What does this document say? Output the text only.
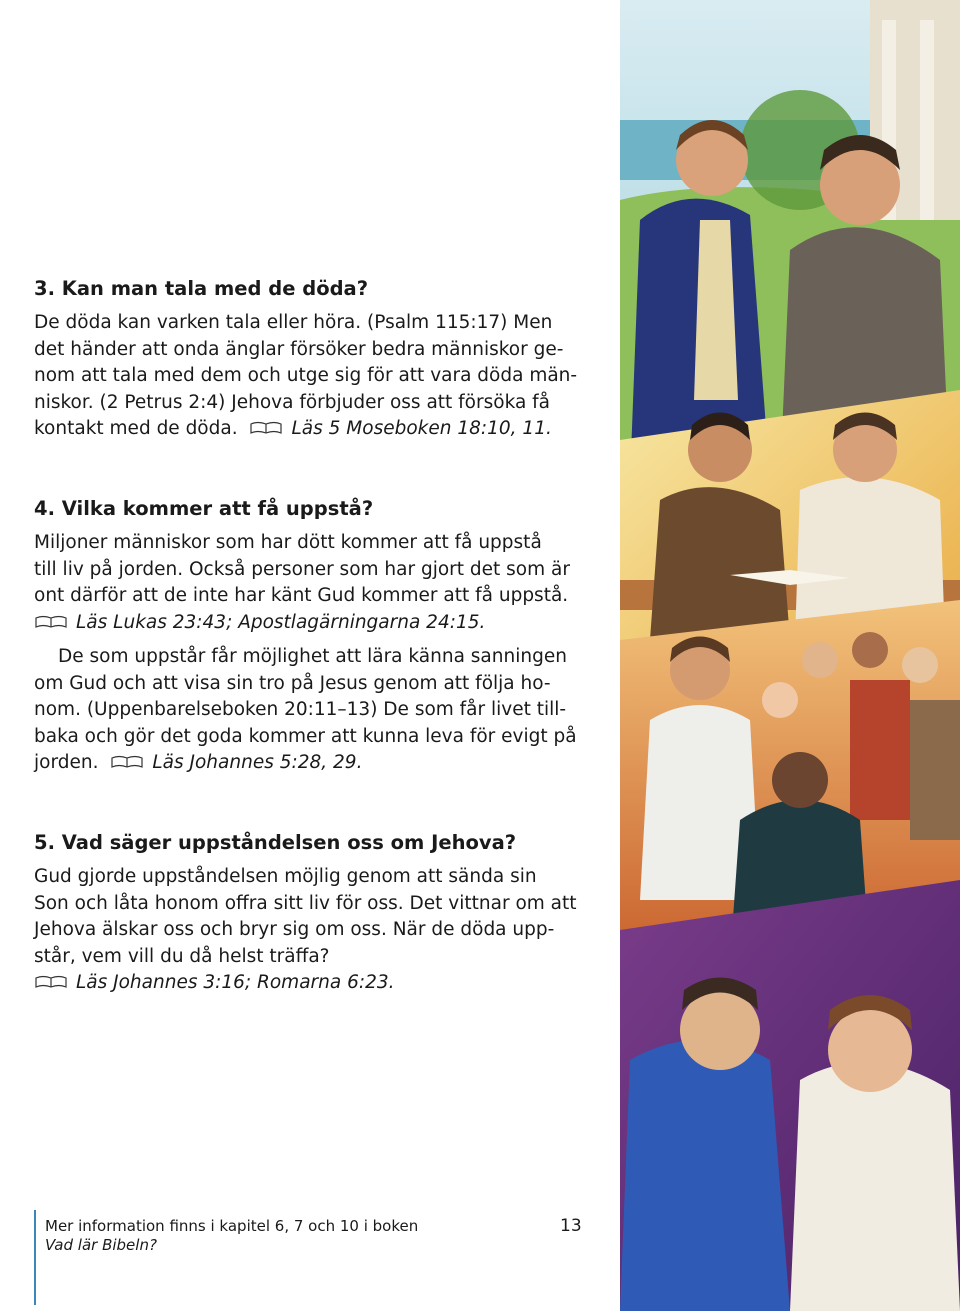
3. Kan man tala med de döda?

De döda kan varken tala eller höra. (Psalm 115:17) Men
det händer att onda änglar försöker bedra människor ge-
nom att tala med dem och utge sig för att vara döda män-
niskor. (2 Petrus 2:4) Jehova förbjuder oss att försöka få
kontakt med de döda.	Läs 5 Moseboken 18:10, 11.

4. Vilka kommer att få uppstå?

Miljoner människor som har dött kommer att få uppstå
till liv på jorden. Också personer som har gjort det som är
ont därför att de inte har känt Gud kommer att få uppstå.
Läs Lukas 23:43; Apostlagärningarna 24:15.

De som uppstår får möjlighet att lära känna sanningen
om Gud och att visa sin tro på Jesus genom att följa ho-
nom. (Uppenbarelseboken 20:11–13) De som får livet till-
baka och gör det goda kommer att kunna leva för evigt på
jorden.	Läs Johannes 5:28, 29.

5. Vad säger uppståndelsen oss om Jehova?

Gud gjorde uppståndelsen möjlig genom att sända sin
Son och låta honom offra sitt liv för oss. Det vittnar om att
Jehova älskar oss och bryr sig om oss. När de döda upp-
står, vem vill du då helst träffa?
Läs Johannes 3:16; Romarna 6:23.

Mer information finns i kapitel 6, 7 och 10 i boken
Vad lär Bibeln?
13
